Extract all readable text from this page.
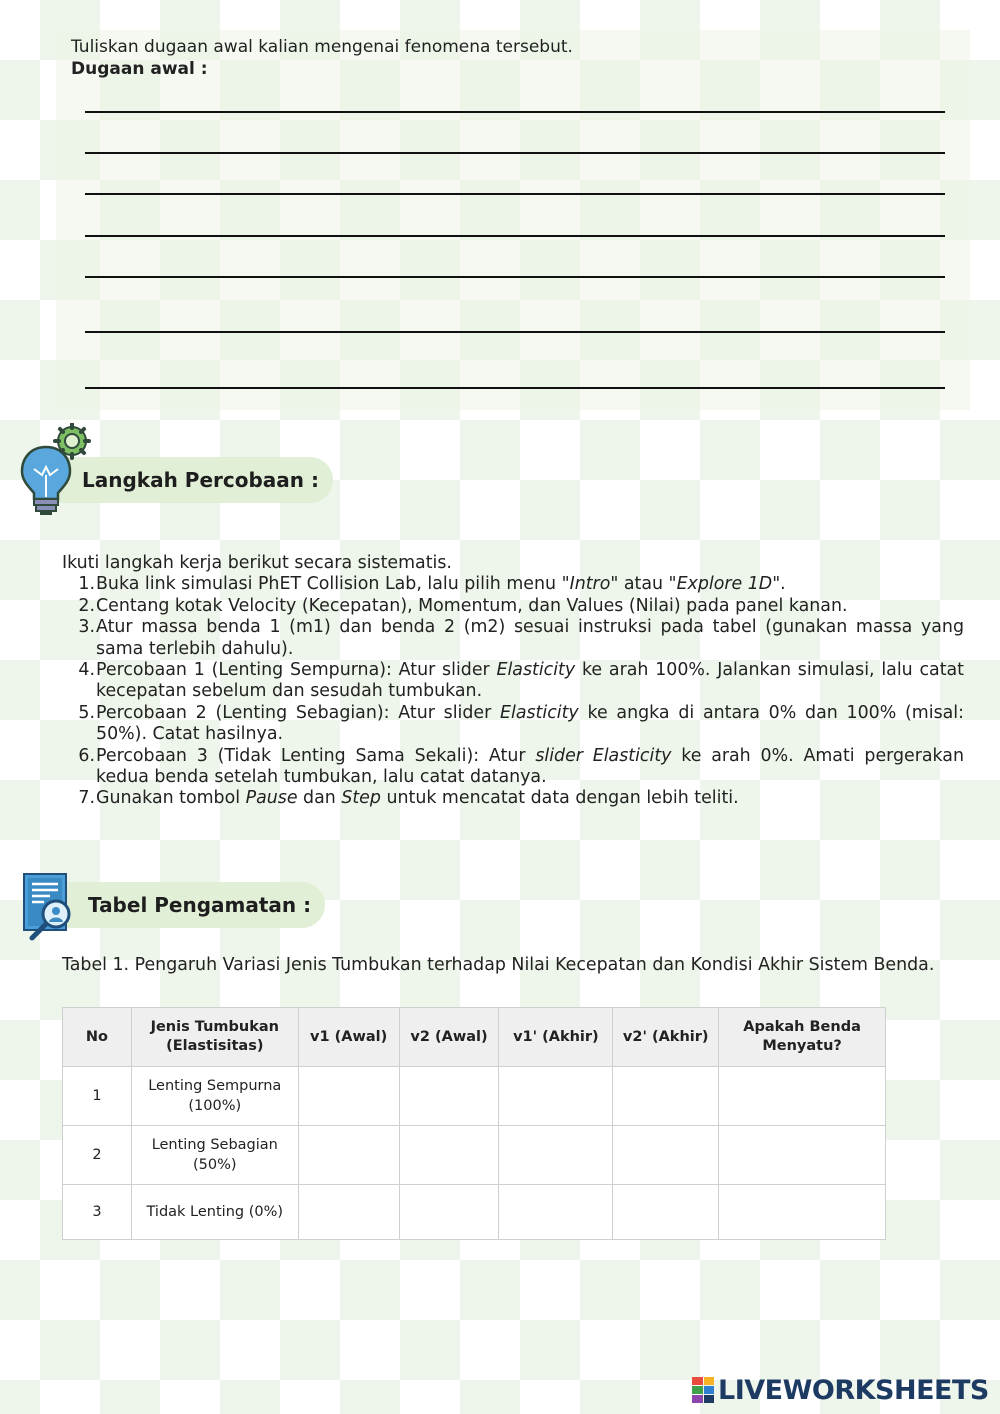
Tuliskan dugaan awal kalian mengenai fenomena tersebut.
Dugaan awal :
Langkah Percobaan :
Ikuti langkah kerja berikut secara sistematis.
1. Buka link simulasi PhET Collision Lab, lalu pilih menu "Intro" atau "Explore 1D".
2. Centang kotak Velocity (Kecepatan), Momentum, dan Values (Nilai) pada panel kanan.
3. Atur massa benda 1 (m1) dan benda 2 (m2) sesuai instruksi pada tabel (gunakan massa yang sama terlebih dahulu).
4. Percobaan 1 (Lenting Sempurna): Atur slider Elasticity ke arah 100%. Jalankan simulasi, lalu catat kecepatan sebelum dan sesudah tumbukan.
5. Percobaan 2 (Lenting Sebagian): Atur slider Elasticity ke angka di antara 0% dan 100% (misal: 50%). Catat hasilnya.
6. Percobaan 3 (Tidak Lenting Sama Sekali): Atur slider Elasticity ke arah 0%. Amati pergerakan kedua benda setelah tumbukan, lalu catat datanya.
7. Gunakan tombol Pause dan Step untuk mencatat data dengan lebih teliti.
Tabel Pengamatan :
Tabel 1. Pengaruh Variasi Jenis Tumbukan terhadap Nilai Kecepatan dan Kondisi Akhir Sistem Benda.
No	Jenis Tumbukan (Elastisitas)	v1 (Awal)	v2 (Awal)	v1' (Akhir)	v2' (Akhir)	Apakah Benda Menyatu?
1	Lenting Sempurna (100%)					
2	Lenting Sebagian (50%)					
3	Tidak Lenting (0%)					
LIVEWORKSHEETS
